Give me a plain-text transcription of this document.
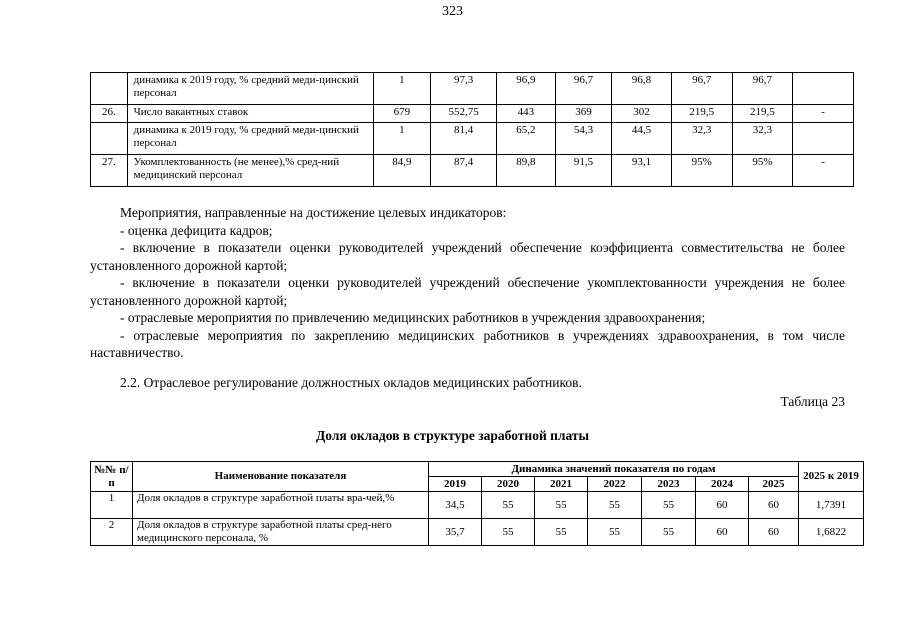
323
	динамика к 2019 году, % средний меди-цинский персонал	1	97,3	96,9	96,7	96,8	96,7	96,7	
26.	Число вакантных ставок	679	552,75	443	369	302	219,5	219,5	-
	динамика к 2019 году, % средний меди-цинский персонал	1	81,4	65,2	54,3	44,5	32,3	32,3	
27.	Укомплектованность (не менее),% сред-ний медицинский персонал	84,9	87,4	89,8	91,5	93,1	95%	95%	-

Мероприятия, направленные на достижение целевых индикаторов:

- оценка дефицита кадров;

- включение в показатели оценки руководителей учреждений обеспечение коэффициента совместительства не более установленного дорожной картой;

- включение в показатели оценки руководителей учреждений обеспечение укомплектованности учреждения не более установленного дорожной картой;

- отраслевые мероприятия по привлечению медицинских работников в учреждения здравоохранения;

- отраслевые мероприятия по закреплению медицинских работников в учреждениях здравоохранения, в том числе наставничество.

2.2. Отраслевое регулирование должностных окладов медицинских работников.
Таблица 23
Доля окладов в структуре заработной платы
№№ п/п	Наименование показателя	Динамика значений показателя по годам							2025 к 2019
		2019	2020	2021	2022	2023	2024	2025	
1	Доля окладов в структуре заработной платы вра-чей,%	34,5	55	55	55	55	60	60	1,7391
2	Доля окладов в структуре заработной платы сред-него медицинского персонала, %	35,7	55	55	55	55	60	60	1,6822
